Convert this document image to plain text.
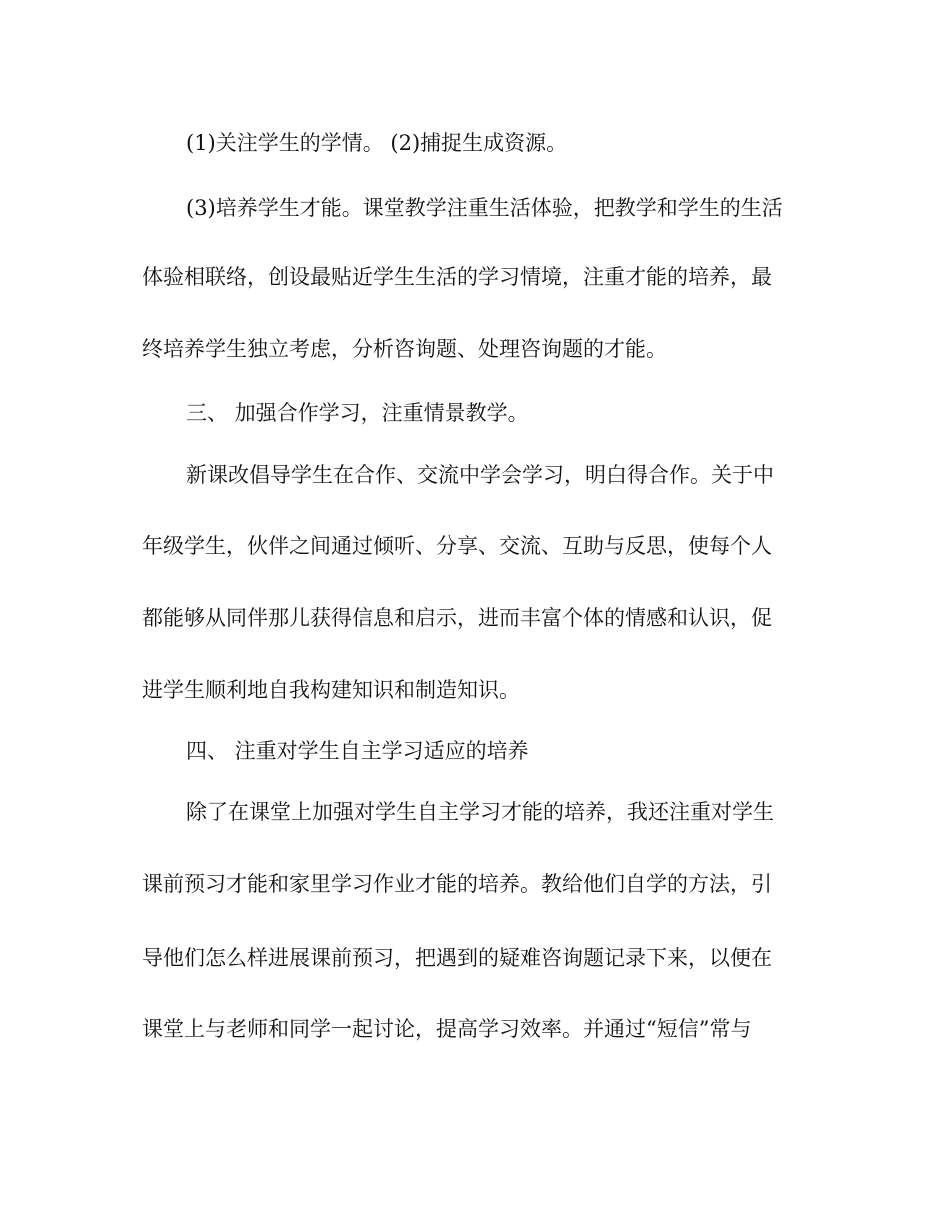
(1)关注学生的学情。 (2)捕捉生成资源。

(3)培养学生才能。课堂教学注重生活体验，把教学和学生的生活

体验相联络，创设最贴近学生生活的学习情境，注重才能的培养，最

终培养学生独立考虑，分析咨询题、处理咨询题的才能。

三、 加强合作学习，注重情景教学。

新课改倡导学生在合作、交流中学会学习，明白得合作。关于中

年级学生，伙伴之间通过倾听、分享、交流、互助与反思，使每个人

都能够从同伴那儿获得信息和启示，进而丰富个体的情感和认识，促

进学生顺利地自我构建知识和制造知识。

四、 注重对学生自主学习适应的培养

除了在课堂上加强对学生自主学习才能的培养，我还注重对学生

课前预习才能和家里学习作业才能的培养。教给他们自学的方法，引

导他们怎么样进展课前预习，把遇到的疑难咨询题记录下来，以便在

课堂上与老师和同学一起讨论，提高学习效率。并通过“短信”常与
